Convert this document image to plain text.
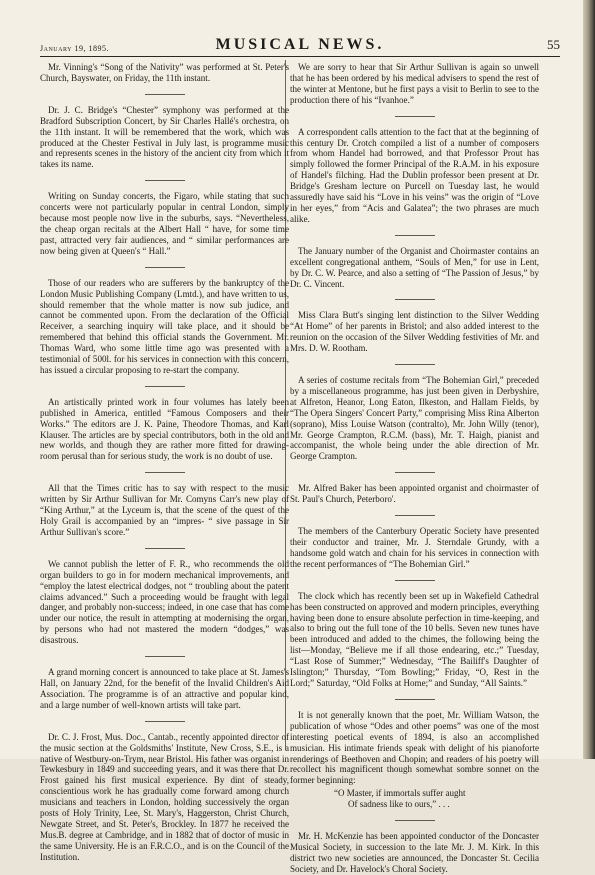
January 19, 1895.	MUSICAL NEWS.	55

Mr. Vinning's “Song of the Nativity” was performed at St. Peter's Church, Bayswater, on Friday, the 11th instant.

Dr. J. C. Bridge's “Chester” symphony was performed at the Bradford Subscription Concert, by Sir Charles Hallé's orchestra, on the 11th instant. It will be remembered that the work, which was produced at the Chester Festival in July last, is programme music and represents scenes in the history of the ancient city from which it takes its name.

Writing on Sunday concerts, the Figaro, while stating that such concerts were not particularly popular in central London, simply because most people now live in the suburbs, says. “Nevertheless, the cheap organ recitals at the Albert Hall “ have, for some time past, attracted very fair audiences, and “ similar performances are now being given at Queen's “ Hall.”

Those of our readers who are sufferers by the bankruptcy of the London Music Publishing Company (Lmtd.), and have written to us, should remember that the whole matter is now sub judice, and cannot be commented upon. From the declaration of the Official Receiver, a searching inquiry will take place, and it should be remembered that behind this official stands the Government. Mr. Thomas Ward, who some little time ago was presented with a testimonial of 500l. for his services in connection with this concern, has issued a circular proposing to re-start the company.

An artistically printed work in four volumes has lately been published in America, entitled “Famous Composers and their Works.” The editors are J. K. Paine, Theodore Thomas, and Karl Klauser. The articles are by special contributors, both in the old and new worlds, and though they are rather more fitted for drawing-room perusal than for serious study, the work is no doubt of use.

All that the Times critic has to say with respect to the music written by Sir Arthur Sullivan for Mr. Comyns Carr's new play of “King Arthur,” at the Lyceum is, that the scene of the quest of the Holy Grail is accompanied by an “impres- “ sive passage in Sir Arthur Sullivan's score.”

We cannot publish the letter of F. R., who recommends the old organ builders to go in for modern mechanical improvements, and “employ the latest electrical dodges, not “ troubling about the patent claims advanced.” Such a proceeding would be fraught with legal danger, and probably non-success; indeed, in one case that has come under our notice, the result in attempting at modernising the organ, by persons who had not mastered the modern “dodges,” was disastrous.

A grand morning concert is announced to take place at St. James's Hall, on January 22nd, for the benefit of the Invalid Children's Aid Association. The programme is of an attractive and popular kind, and a large number of well-known artists will take part.

Dr. C. J. Frost, Mus. Doc., Cantab., recently appointed director of the music section at the Goldsmiths' Institute, New Cross, S.E., is a native of Westbury-on-Trym, near Bristol. His father was organist in Tewkesbury in 1849 and succeeding years, and it was there that Dr. Frost gained his first musical experience. By dint of steady, conscientious work he has gradually come forward among church musicians and teachers in London, holding successively the organ posts of Holy Trinity, Lee, St. Mary's, Haggerston, Christ Church, Newgate Street, and St. Peter's, Brockley. In 1877 he received the Mus.B. degree at Cambridge, and in 1882 that of doctor of music in the same University. He is an F.R.C.O., and is on the Council of the Institution.

We are sorry to hear that Sir Arthur Sullivan is again so unwell that he has been ordered by his medical advisers to spend the rest of the winter at Mentone, but he first pays a visit to Berlin to see to the production there of his “Ivanhoe.”

A correspondent calls attention to the fact that at the beginning of this century Dr. Crotch compiled a list of a number of composers from whom Handel had borrowed, and that Professor Prout has simply followed the former Principal of the R.A.M. in his exposure of Handel's filching. Had the Dublin professor been present at Dr. Bridge's Gresham lecture on Purcell on Tuesday last, he would assuredly have said his “Love in his veins” was the origin of “Love in her eyes,” from “Acis and Galatea”; the two phrases are much alike.

The January number of the Organist and Choirmaster contains an excellent congregational anthem, “Souls of Men,” for use in Lent, by Dr. C. W. Pearce, and also a setting of “The Passion of Jesus,” by Dr. C. Vincent.

Miss Clara Butt's singing lent distinction to the Silver Wedding “At Home” of her parents in Bristol; and also added interest to the reunion on the occasion of the Silver Wedding festivities of Mr. and Mrs. D. W. Rootham.

A series of costume recitals from “The Bohemian Girl,” preceded by a miscellaneous programme, has just been given in Derbyshire, at Alfreton, Heanor, Long Eaton, Ilkeston, and Hallam Fields, by “The Opera Singers' Concert Party,” comprising Miss Rina Alberton (soprano), Miss Louise Watson (contralto), Mr. John Willy (tenor), Mr. George Crampton, R.C.M. (bass), Mr. T. Haigh, pianist and accompanist, the whole being under the able direction of Mr. George Crampton.

Mr. Alfred Baker has been appointed organist and choirmaster of St. Paul's Church, Peterboro'.

The members of the Canterbury Operatic Society have presented their conductor and trainer, Mr. J. Sterndale Grundy, with a handsome gold watch and chain for his services in connection with the recent performances of “The Bohemian Girl.”

The clock which has recently been set up in Wakefield Cathedral has been constructed on approved and modern principles, everything having been done to ensure absolute perfection in time-keeping, and also to bring out the full tone of the 10 bells. Seven new tunes have been introduced and added to the chimes, the following being the list—Monday, “Believe me if all those endearing, etc.;” Tuesday, “Last Rose of Summer;” Wednesday, “The Bailiff's Daughter of Islington;” Thursday, “Tom Bowling;” Friday, “O, Rest in the Lord;” Saturday, “Old Folks at Home;” and Sunday, “All Saints.”

It is not generally known that the poet, Mr. William Watson, the publication of whose “Odes and other poems” was one of the most interesting poetical events of 1894, is also an accomplished musician. His intimate friends speak with delight of his pianoforte renderings of Beethoven and Chopin; and readers of his poetry will recollect his magnificent though somewhat sombre sonnet on the former beginning:

“O Master, if immortals suffer aught
Of sadness like to ours,” . . .

Mr. H. McKenzie has been appointed conductor of the Doncaster Musical Society, in succession to the late Mr. J. M. Kirk. In this district two new societies are announced, the Doncaster St. Cecilia Society, and Dr. Havelock's Choral Society.
